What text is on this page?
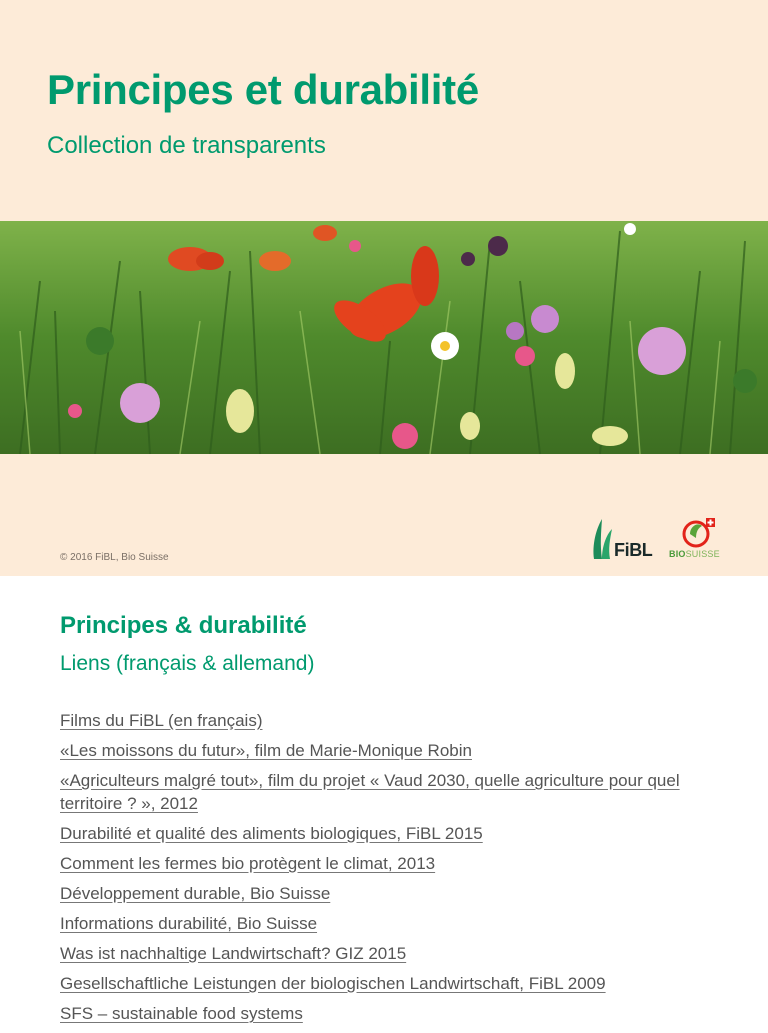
Principes et durabilité

Collection de transparents

© 2016 FiBL, Bio Suisse	FiBL BIOSUISSE
Principes & durabilité

Liens (français & allemand)

Films du FiBL (en français)
«Les moissons du futur», film de Marie-Monique Robin
«Agriculteurs malgré tout», film du projet « Vaud 2030, quelle agriculture pour quel territoire ? », 2012
Durabilité et qualité des aliments biologiques, FiBL 2015
Comment les fermes bio protègent le climat, 2013
Développement durable, Bio Suisse
Informations durabilité, Bio Suisse
Was ist nachhaltige Landwirtschaft? GIZ 2015
Gesellschaftliche Leistungen der biologischen Landwirtschaft, FiBL 2009
SFS – sustainable food systems
